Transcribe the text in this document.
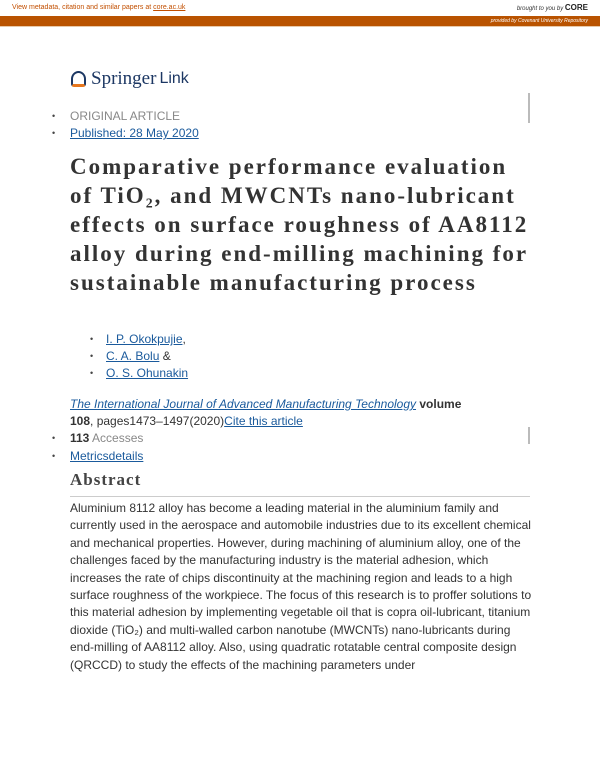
View metadata, citation and similar papers at core.ac.uk	brought to you by CORE
provided by Covenant University Repository
Springer Link
• ORIGINAL ARTICLE
• Published: 28 May 2020
Comparative performance evaluation of TiO₂, and MWCNTs nano-lubricant effects on surface roughness of AA8112 alloy during end-milling machining for sustainable manufacturing process
• I. P. Okokpujie,
• C. A. Bolu &
• O. S. Ohunakin
The International Journal of Advanced Manufacturing Technology volume 108, pages1473–1497(2020)Cite this article
• 113 Accesses
• Metricsdetails
Abstract
Aluminium 8112 alloy has become a leading material in the aluminium family and currently used in the aerospace and automobile industries due to its excellent chemical and mechanical properties. However, during machining of aluminium alloy, one of the challenges faced by the manufacturing industry is the material adhesion, which increases the rate of chips discontinuity at the machining region and leads to a high surface roughness of the workpiece. The focus of this research is to proffer solutions to this material adhesion by implementing vegetable oil that is copra oil-lubricant, titanium dioxide (TiO₂) and multi-walled carbon nanotube (MWCNTs) nano-lubricants during end-milling of AA8112 alloy. Also, using quadratic rotatable central composite design (QRCCD) to study the effects of the machining parameters under
